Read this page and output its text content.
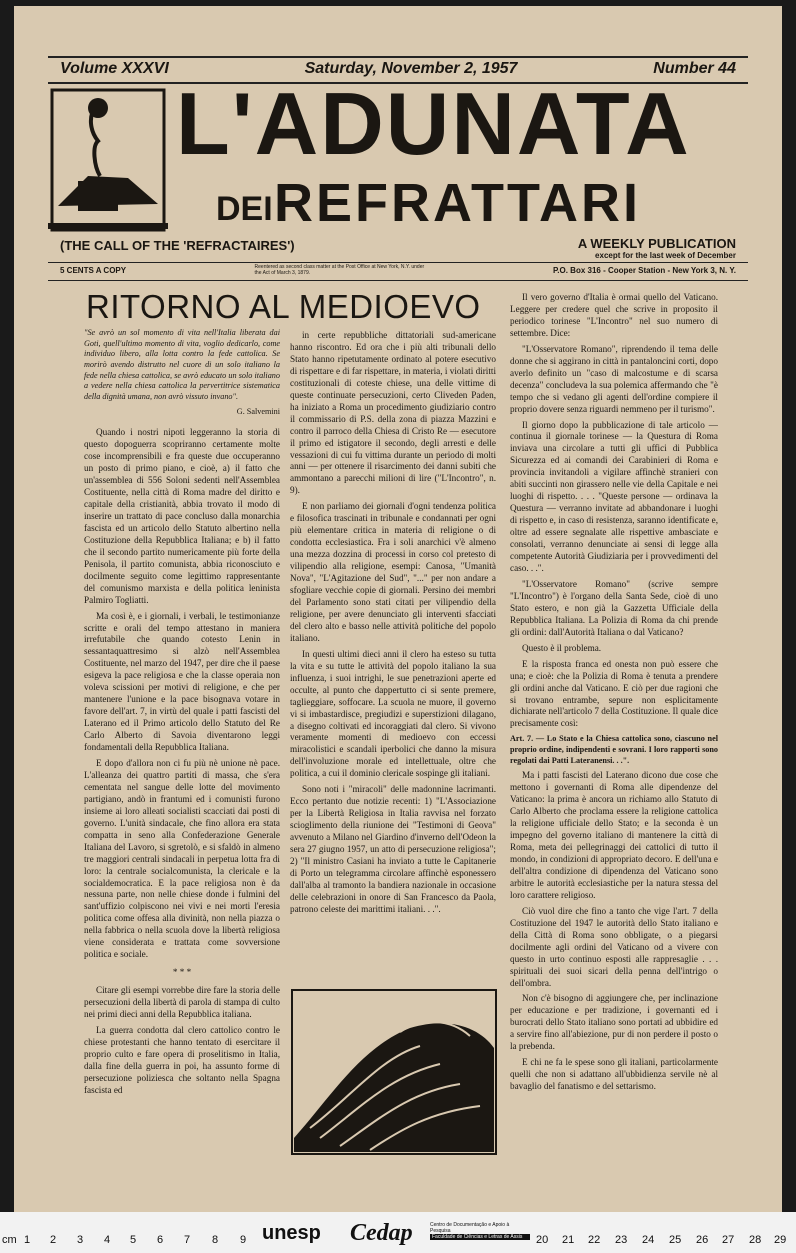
Volume XXXVI	Saturday, November 2, 1957	Number 44
L'ADUNATA
DEI REFRATTARI
(THE CALL OF THE 'REFRACTAIRES')	A WEEKLY PUBLICATION
except for the last week of December
5 CENTS A COPY	Reentered as second class matter at the Post Office at New York, N.Y. under the Act of March 3, 1879.	P.O. Box 316 - Cooper Station - New York 3, N. Y.
RITORNO AL MEDIOEVO

"Se avrò un sol momento di vita nell'Italia liberata dai Goti, quell'ultimo momento di vita, voglio dedicarlo, come individuo libero, alla lotta contro la fede cattolica. Se morirò avendo distrutto nel cuore di un solo italiano la fede nella chiesa cattolica, se avrò educato un solo italiano a vedere nella chiesa cattolica la pervertitrice sistematica della dignità umana, non avrò vissuto invano".

G. Salvemini

Quando i nostri nipoti leggeranno la storia di questo dopoguerra scopriranno certamente molte cose incomprensibili e fra queste due occuperanno un posto di primo piano, e cioè, a) il fatto che un'assemblea di 556 Soloni sedenti nell'Assemblea Costituente, nella città di Roma madre del diritto e capitale della cristianità, abbia trovato il modo di inserire un trattato di pace concluso dalla monarchia fascista ed un articolo dello Statuto albertino nella Costituzione della Repubblica Italiana; e b) il fatto che il secondo partito numericamente più forte della Penisola, il partito comunista, abbia riconosciuto e docilmente seguito come legittimo rappresentante del comunismo marxista e della politica leninista Palmiro Togliatti.

Ma così è, e i giornali, i verbali, le testimonianze scritte e orali del tempo attestano in maniera irrefutabile che quando cotesto Lenin in sessantaquattresimo si alzò nell'Assemblea Costituente, nel marzo del 1947, per dire che il paese esigeva la pace religiosa e che la classe operaia non voleva scissioni per motivi di religione, e che per mantenere l'unione e la pace bisognava votare in favore dell'art. 7, in virtù del quale i patti fascisti del Laterano ed il Primo articolo dello Statuto del Re Carlo Alberto di Savoia diventarono leggi fondamentali della Repubblica Italiana.

E dopo d'allora non ci fu più nè unione nè pace. L'alleanza dei quattro partiti di massa, che s'era cementata nel sangue delle lotte del movimento partigiano, andò in frantumi ed i comunisti furono insieme ai loro alleati socialisti scacciati dai posti di governo. L'unità sindacale, che fino allora era stata compatta in seno alla Confederazione Generale Italiana del Lavoro, si sgretolò, e si sfaldò in almeno tre maggiori centrali sindacali in perpetua lotta fra di loro: la centrale socialcomunista, la clericale e la socialdemocratica. E la pace religiosa non è da nessuna parte, non nelle chiese donde i fulmini del sant'uffizio colpiscono nei vivi e nei morti l'eresia politica come offesa alla divinità, non nella piazza o nella fabbrica o nella scuola dove la libertà religiosa viene considerata e trattata come sovversione politica e sociale.

* * *

Citare gli esempi vorrebbe dire fare la storia delle persecuzioni della libertà di parola di stampa di culto nei primi dieci anni della Repubblica italiana.

La guerra condotta dal clero cattolico contro le chiese protestanti che hanno tentato di esercitare il proprio culto e fare opera di proselitismo in Italia, dalla fine della guerra in poi, ha assunto forme di persecuzione poliziesca che soltanto nella Spagna fascista ed

in certe repubbliche dittatoriali sud-americane hanno riscontro. Ed ora che i più alti tribunali dello Stato hanno ripetutamente ordinato al potere esecutivo di rispettare e di far rispettare, in materia, i violati diritti costituzionali di coteste chiese, una delle vittime di queste continuate persecuzioni, certo Cliveden Paden, ha iniziato a Roma un procedimento giudiziario contro il commissario di P.S. della zona di piazza Mazzini e contro il parroco della Chiesa di Cristo Re — esecutore il primo ed istigatore il secondo, degli arresti e delle vessazioni di cui fu vittima durante un periodo di molti anni — per ottenere il risarcimento dei danni subiti che ammontano a parecchi milioni di lire ("L'Incontro", n. 9).

E non parliamo dei giornali d'ogni tendenza politica e filosofica trascinati in tribunale e condannati per ogni più elementare critica in materia di religione o di condotta ecclesiastica. Fra i soli anarchici v'è almeno una mezza dozzina di processi in corso col pretesto di vilipendio alla religione, esempi: Canosa, "Umanità Nova", "L'Agitazione del Sud", "..." per non andare a sfogliare vecchie copie di giornali. Persino dei membri del Parlamento sono stati citati per vilipendio della religione, per avere denunciato gli interventi sfacciati del clero alto e basso nelle attività politiche del popolo italiano.

In questi ultimi dieci anni il clero ha esteso su tutta la vita e su tutte le attività del popolo italiano la sua influenza, i suoi intrighi, le sue penetrazioni aperte ed occulte, al punto che dappertutto ci si sente premere, taglieggiare, soffocare. La scuola ne muore, il governo vi si imbastardisce, pregiudizi e superstizioni dilagano, a disegno coltivati ed incoraggiati dal clero. Si vivono veramente momenti di medioevo con eccessi miracolistici e scandali iperbolici che danno la misura dell'involuzione morale ed intellettuale, oltre che politica, a cui il dominio clericale sospinge gli italiani.

Sono noti i "miracoli" delle madonnine lacrimanti. Ecco pertanto due notizie recenti: 1) "L'Associazione per la Libertà Religiosa in Italia ravvisa nel forzato scioglimento della riunione dei "Testimoni di Geova" avvenuto a Milano nel Giardino d'inverno dell'Odeon la sera 27 giugno 1957, un atto di persecuzione religiosa"; 2) "Il ministro Casiani ha inviato a tutte le Capitanerie di Porto un telegramma circolare affinchè esponessero dall'alba al tramonto la bandiera nazionale in occasione delle celebrazioni in onore di San Francesco da Paola, patrono celeste dei marittimi italiani. . .".

Il vero governo d'Italia è ormai quello del Vaticano. Leggere per credere quel che scrive in proposito il periodico torinese "L'Incontro" nel suo numero di settembre. Dice:

"L'Osservatore Romano", riprendendo il tema delle donne che si aggirano in città in pantaloncini corti, dopo averlo definito un "caso di malcostume e di scarsa decenza" concludeva la sua polemica affermando che "è tempo che si vedano gli agenti dell'ordine compiere il proprio dovere senza riguardi nemmeno per il turismo".

Il giorno dopo la pubblicazione di tale articolo — continua il giornale torinese — la Questura di Roma inviava una circolare a tutti gli uffici di Pubblica Sicurezza ed ai comandi dei Carabinieri di Roma e provincia invitandoli a vigilare affinchè stranieri con abiti succinti non girassero nelle vie della Capitale e nei luoghi di rispetto. . . . "Queste persone — ordinava la Questura — verranno invitate ad abbandonare i luoghi di rispetto e, in caso di resistenza, saranno identificate e, oltre ad essere segnalate alle rispettive ambasciate e consolati, verranno denunciate ai sensi di legge alla competente Autorità Giudiziaria per i provvedimenti del caso. . .".

"L'Osservatore Romano" (scrive sempre "L'Incontro") è l'organo della Santa Sede, cioè di uno Stato estero, e non già la Gazzetta Ufficiale della Repubblica Italiana. La Polizia di Roma da chi prende gli ordini: dall'Autorità Italiana o dal Vaticano?

Questo è il problema.

E la risposta franca ed onesta non può essere che una; e cioè: che la Polizia di Roma è tenuta a prendere gli ordini anche dal Vaticano. E ciò per due ragioni che si trovano entrambe, sepure non esplicitamente dichiarate nell'articolo 7 della Costituzione. Il quale dice precisamente così:

Art. 7. — Lo Stato e la Chiesa cattolica sono, ciascuno nel proprio ordine, indipendenti e sovrani. I loro rapporti sono regolati dai Patti Lateranensi. . .".

Ma i patti fascisti del Laterano dicono due cose che mettono i governanti di Roma alle dipendenze del Vaticano: la prima è ancora un richiamo allo Statuto di Carlo Alberto che proclama essere la religione cattolica la religione ufficiale dello Stato; e la seconda è un impegno del governo italiano di mantenere la città di Roma, meta dei pellegrinaggi dei cattolici di tutto il mondo, in condizioni di appropriato decoro. E dell'una e dell'altra condizione di dipendenza del Vaticano sono arbitre le autorità ecclesiastiche per la natura stessa del loro carattere religioso.

Ciò vuol dire che fino a tanto che vige l'art. 7 della Costituzione del 1947 le autorità dello Stato italiano e della Città di Roma sono obbligate, o a piegarsi docilmente agli ordini del Vaticano od a vivere con questo in urto continuo esposti alle rappresaglie . . . spirituali dei suoi sicari della penna dell'intrigo o dell'ombra.

Non c'è bisogno di aggiungere che, per inclinazione per educazione e per tradizione, i governanti ed i burocrati dello Stato italiano sono portati ad ubbidire ed a servire fino all'abiezione, pur di non perdere il posto o la prebenda.

E chi ne fa le spese sono gli italiani, particolarmente quelli che non si adattano all'ubbidienza servile nè al bavaglio del fanatismo e del settarismo.

cm 1 2 3 4 5 6 7 8 9	20 21 22 23 24 25 26 27 28 29
unesp Cedap	Centro de Documentação e Apoio à Pesquisa
Faculdade de Ciências e Letras de Assis
